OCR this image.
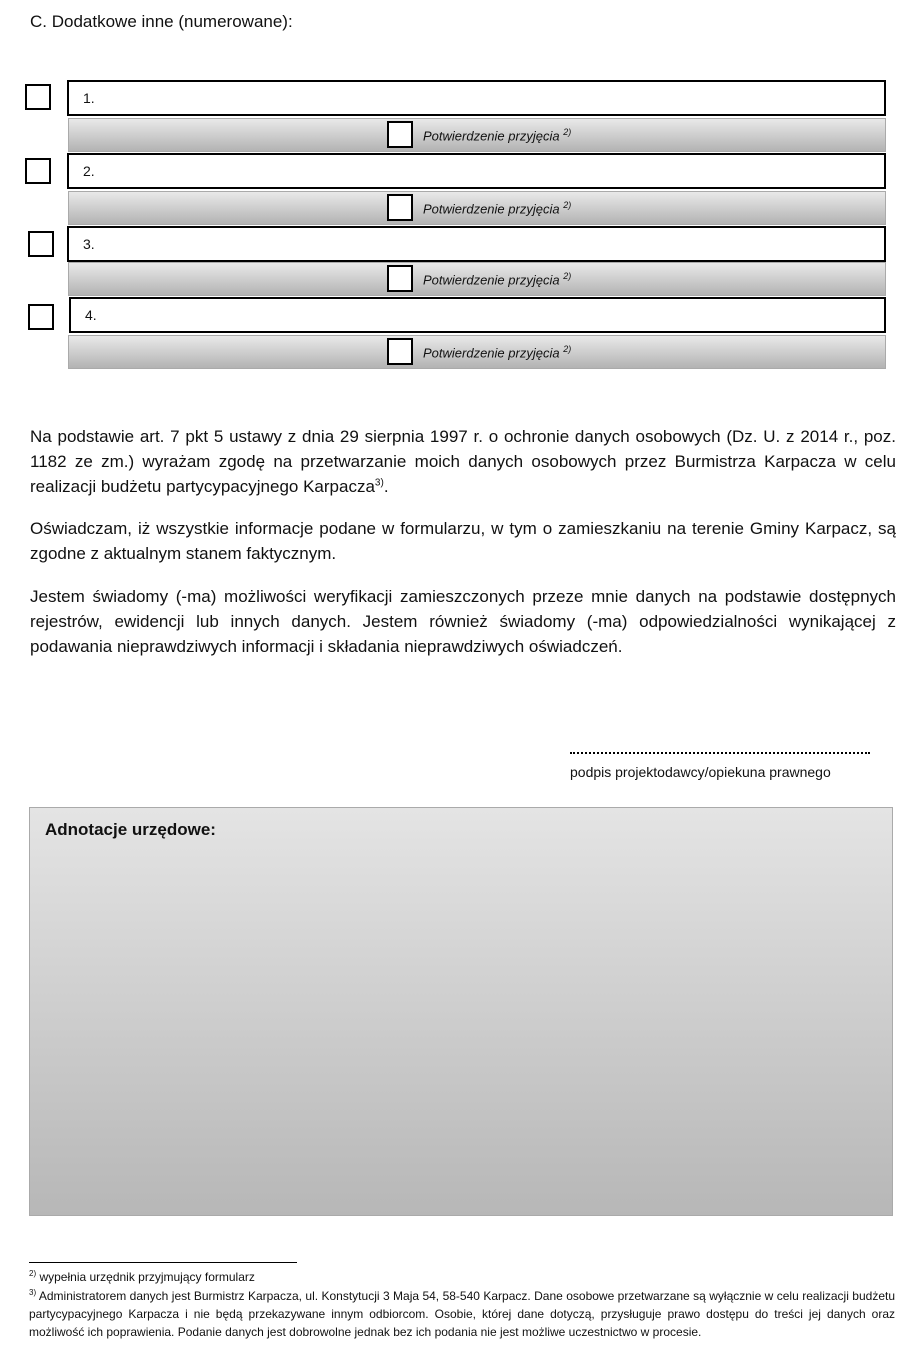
C. Dodatkowe inne (numerowane):
1.
Potwierdzenie przyjęcia $^{2)}$
2.
Potwierdzenie przyjęcia $^{2)}$
3.
Potwierdzenie przyjęcia $^{2)}$
4.
Potwierdzenie przyjęcia $^{2)}$

Na podstawie art. 7 pkt 5 ustawy z dnia 29 sierpnia 1997 r. o ochronie danych osobowych (Dz. U. z 2014 r., poz. 1182 ze zm.) wyrażam zgodę na przetwarzanie moich danych osobowych przez Burmistrza Karpacza w celu realizacji budżetu partycypacyjnego Karpacza$^{3)}$.

Oświadczam, iż wszystkie informacje podane w formularzu, w tym o zamieszkaniu na terenie Gminy Karpacz, są zgodne z aktualnym stanem faktycznym.

Jestem świadomy (-ma) możliwości weryfikacji zamieszczonych przeze mnie danych na podstawie dostępnych rejestrów, ewidencji lub innych danych. Jestem również świadomy (-ma) odpowiedzialności wynikającej z podawania nieprawdziwych informacji i składania nieprawdziwych oświadczeń.

podpis projektodawcy/opiekuna prawnego
Adnotacje urzędowe:

$^{2)}$ wypełnia urzędnik przyjmujący formularz

$^{3)}$ Administratorem danych jest Burmistrz Karpacza, ul. Konstytucji 3 Maja 54, 58-540 Karpacz. Dane osobowe przetwarzane są wyłącznie w celu realizacji budżetu partycypacyjnego Karpacza i nie będą przekazywane innym odbiorcom. Osobie, której dane dotyczą, przysługuje prawo dostępu do treści jej danych oraz możliwość ich poprawienia. Podanie danych jest dobrowolne jednak bez ich podania nie jest możliwe uczestnictwo w procesie.
